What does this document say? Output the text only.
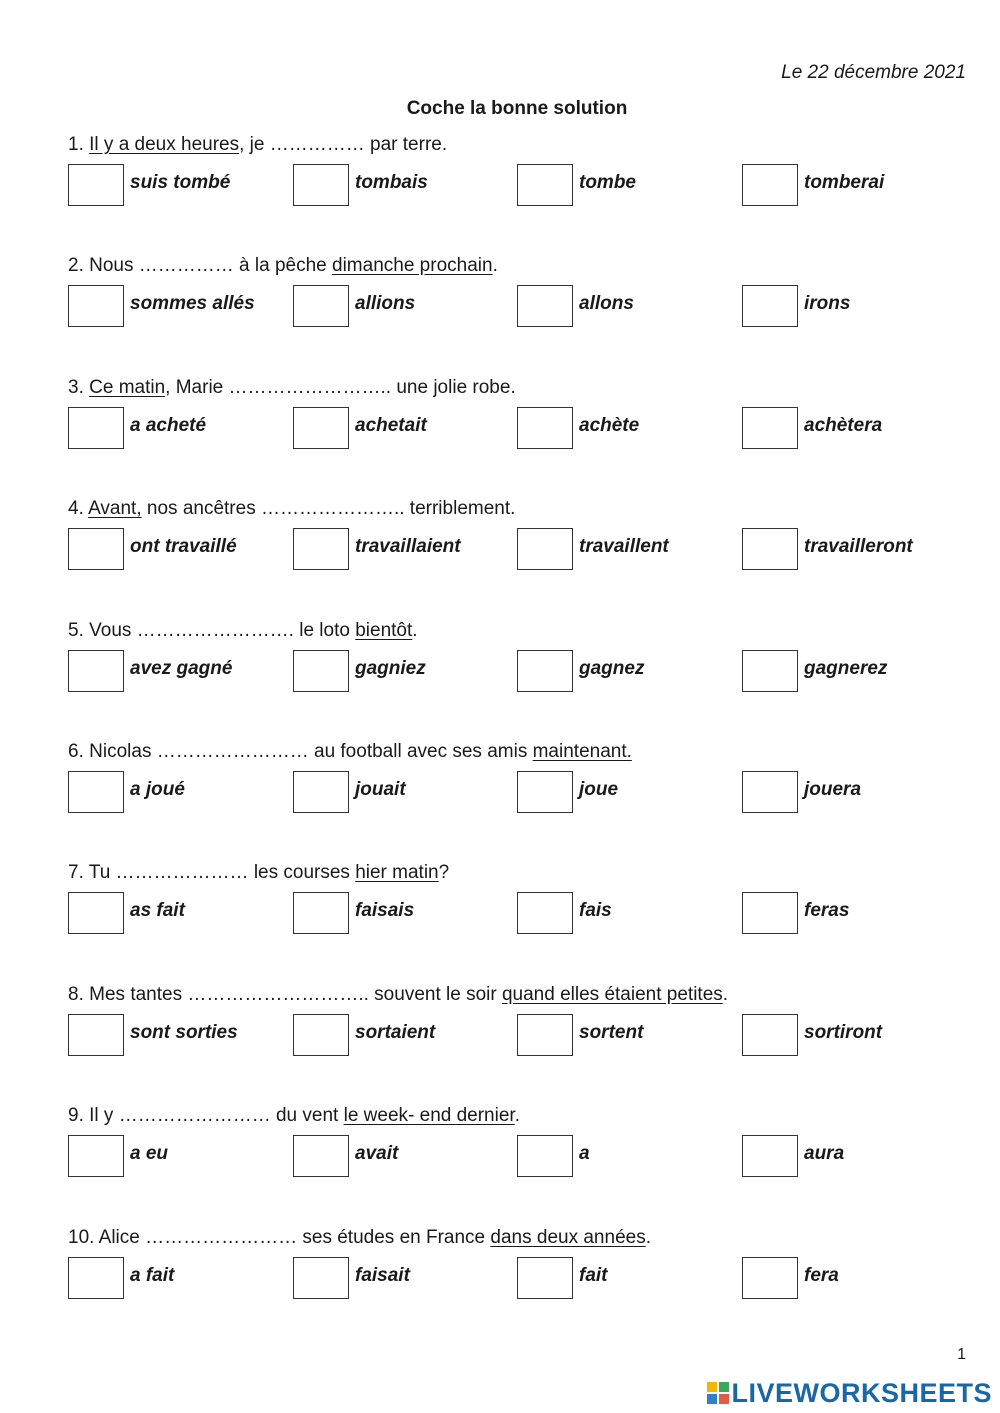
Le 22 décembre 2021
Coche la bonne solution
1. Il y a deux heures, je …………… par terre.
suis tombé	tombais	tombe	tomberai
2. Nous …………… à la pêche dimanche prochain.
sommes allés	allions	allons	irons
3. Ce matin, Marie …………………….. une jolie robe.
a acheté	achetait	achète	achètera
4. Avant, nos ancêtres ………………….. terriblement.
ont travaillé	travaillaient	travaillent	travailleront
5. Vous ……………………. le loto bientôt.
avez gagné	gagniez	gagnez	gagnerez
6. Nicolas …………………… au football avec ses amis maintenant.
a joué	jouait	joue	jouera
7. Tu ………………… les courses hier matin?
as fait	faisais	fais	feras
8. Mes tantes ……………………….. souvent le soir quand elles étaient petites.
sont sorties	sortaient	sortent	sortiront
9. Il y …………………… du vent le week- end dernier.
a eu	avait	a	aura
10. Alice …………………… ses études en France dans deux années.
a fait	faisait	fait	fera
1
LIVEWORKSHEETS
